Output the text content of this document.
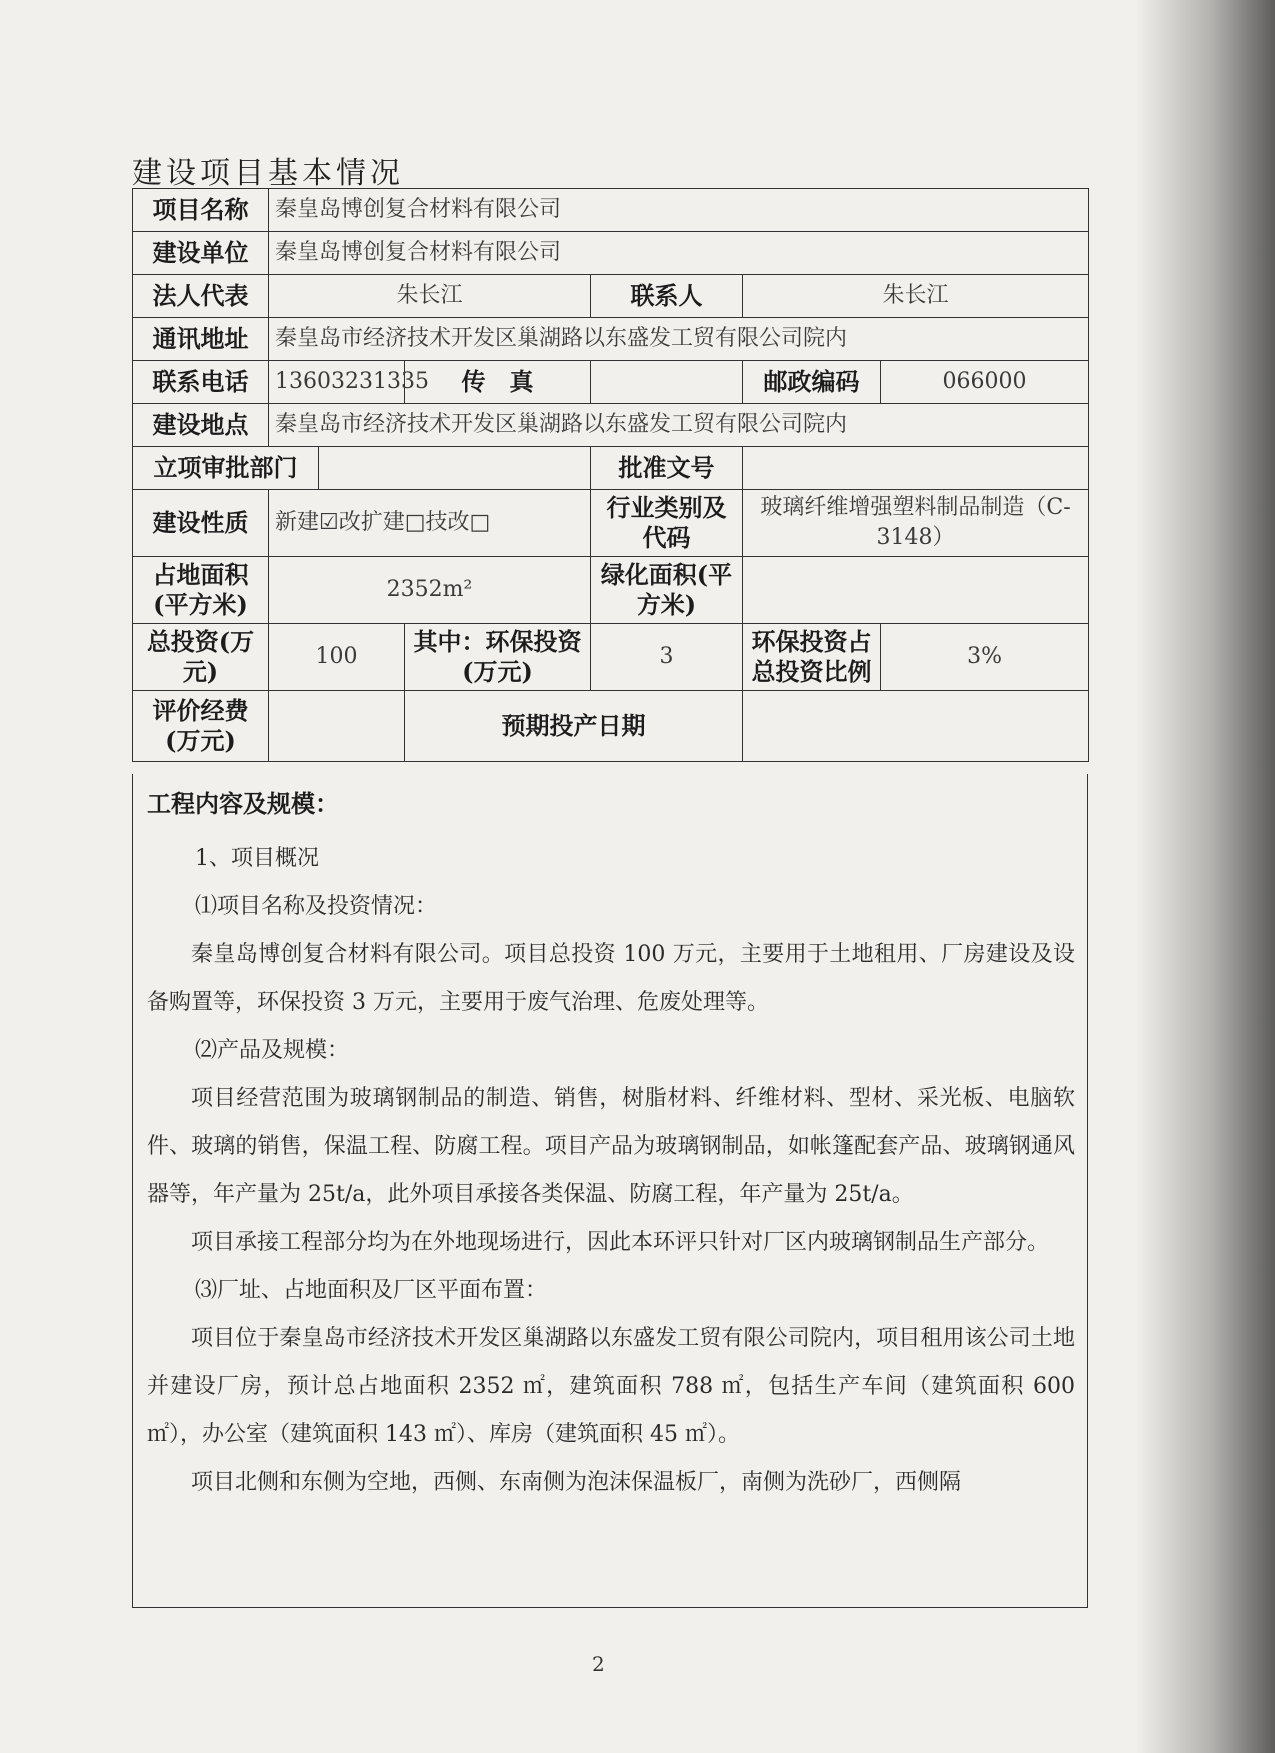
建设项目基本情况
项目名称	秦皇岛博创复合材料有限公司					
建设单位	秦皇岛博创复合材料有限公司					
法人代表	朱长江			联系人	朱长江	
通讯地址	秦皇岛市经济技术开发区巢湖路以东盛发工贸有限公司院内					
联系电话	13603231335		传　真		邮政编码	066000
建设地点	秦皇岛市经济技术开发区巢湖路以东盛发工贸有限公司院内					
立项审批部门				批准文号		
建设性质	新建☑改扩建□技改□			行业类别及代码	玻璃纤维增强塑料制品制造（C-3148）	
占地面积(平方米)	2352m²			绿化面积(平方米)		
总投资(万元)	100		其中：环保投资(万元)	3	环保投资占总投资比例	3%
评价经费(万元)			预期投产日期			
工程内容及规模：

1、项目概况

⑴项目名称及投资情况：

秦皇岛博创复合材料有限公司。项目总投资 100 万元，主要用于土地租用、厂房建设及设备购置等，环保投资 3 万元，主要用于废气治理、危废处理等。

⑵产品及规模：

项目经营范围为玻璃钢制品的制造、销售，树脂材料、纤维材料、型材、采光板、电脑软件、玻璃的销售，保温工程、防腐工程。项目产品为玻璃钢制品，如帐篷配套产品、玻璃钢通风器等，年产量为 25t/a，此外项目承接各类保温、防腐工程，年产量为 25t/a。

项目承接工程部分均为在外地现场进行，因此本环评只针对厂区内玻璃钢制品生产部分。

⑶厂址、占地面积及厂区平面布置：

项目位于秦皇岛市经济技术开发区巢湖路以东盛发工贸有限公司院内，项目租用该公司土地并建设厂房，预计总占地面积 2352 ㎡，建筑面积 788 ㎡，包括生产车间（建筑面积 600 ㎡），办公室（建筑面积 143 ㎡）、库房（建筑面积 45 ㎡）。

项目北侧和东侧为空地，西侧、东南侧为泡沫保温板厂，南侧为洗砂厂，西侧隔

2
